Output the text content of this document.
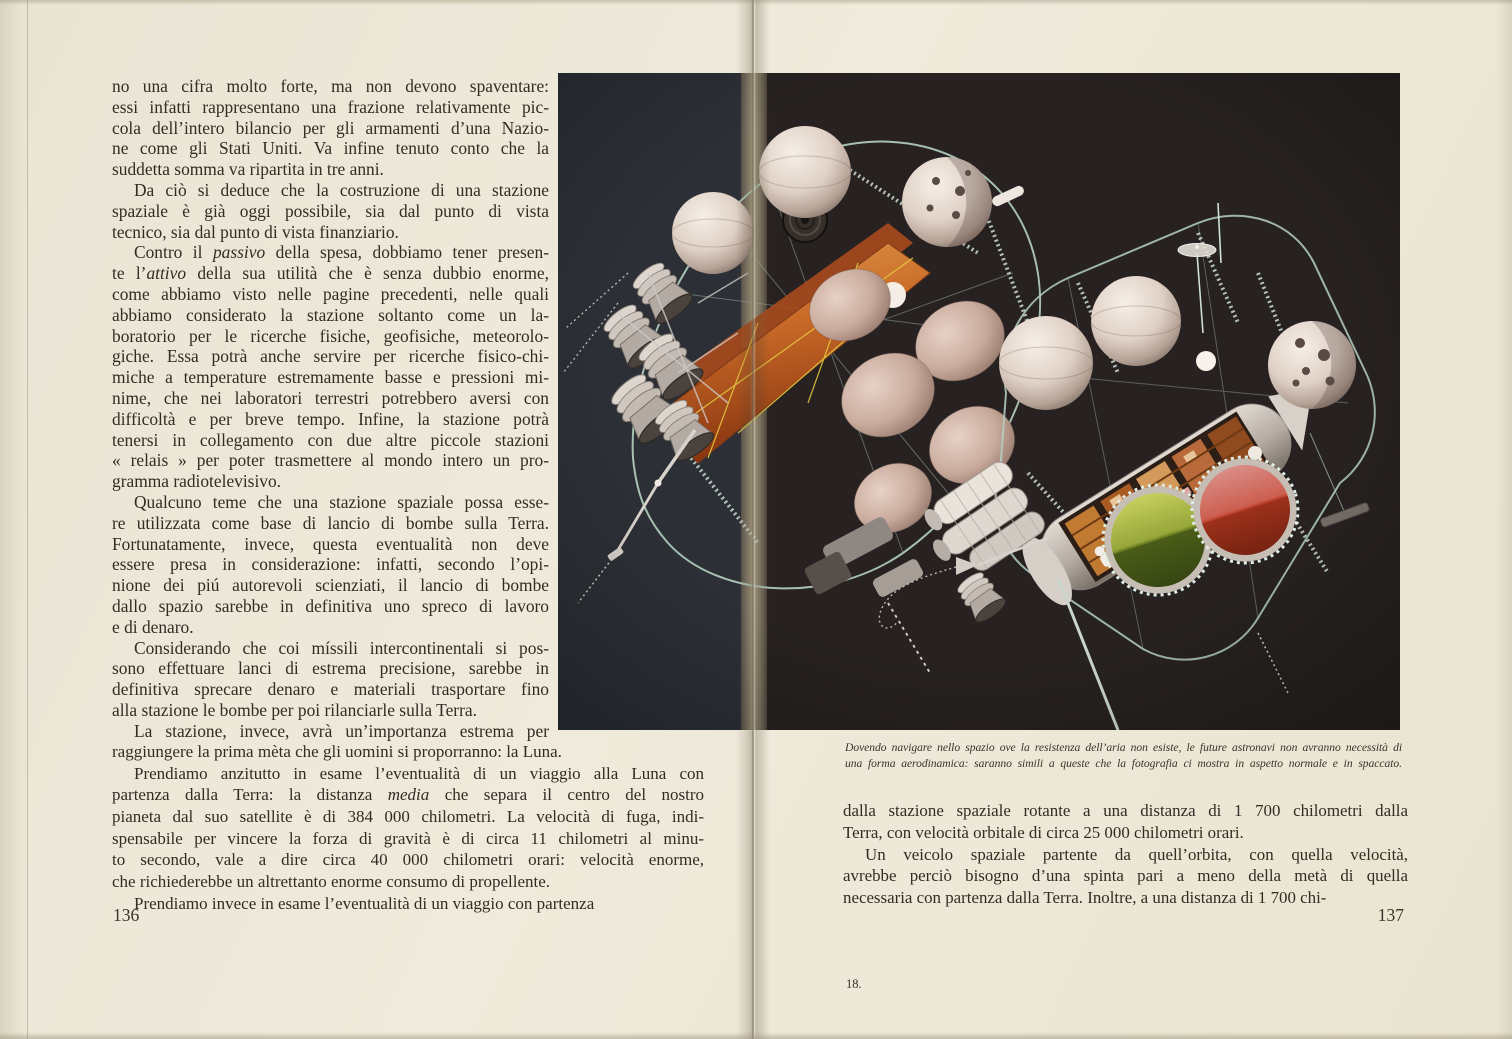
no una cifra molto forte, ma non devono spaventare:
essi infatti rappresentano una frazione relativamente pic-
cola dell’intero bilancio per gli armamenti d’una Nazio-
ne come gli Stati Uniti. Va infine tenuto conto che la
suddetta somma va ripartita in tre anni.
Da ciò si deduce che la costruzione di una stazione
spaziale è già oggi possibile, sia dal punto di vista
tecnico, sia dal punto di vista finanziario.
Contro il passivo della spesa, dobbiamo tener presen-
te l’attivo della sua utilità che è senza dubbio enorme,
come abbiamo visto nelle pagine precedenti, nelle quali
abbiamo considerato la stazione soltanto come un la-
boratorio per le ricerche fisiche, geofisiche, meteorolo-
giche. Essa potrà anche servire per ricerche fisico-chi-
miche a temperature estremamente basse e pressioni mi-
nime, che nei laboratori terrestri potrebbero aversi con
difficoltà e per breve tempo. Infine, la stazione potrà
tenersi in collegamento con due altre piccole stazioni
« relais » per poter trasmettere al mondo intero un pro-
gramma radiotelevisivo.
Qualcuno teme che una stazione spaziale possa esse-
re utilizzata come base di lancio di bombe sulla Terra.
Fortunatamente, invece, questa eventualità non deve
essere presa in considerazione: infatti, secondo l’opi-
nione dei piú autorevoli scienziati, il lancio di bombe
dallo spazio sarebbe in definitiva uno spreco di lavoro
e di denaro.
Considerando che coi míssili intercontinentali si pos-
sono effettuare lanci di estrema precisione, sarebbe in
definitiva sprecare denaro e materiali trasportare fino
alla stazione le bombe per poi rilanciarle sulla Terra.
La stazione, invece, avrà un’importanza estrema per
raggiungere la prima mèta che gli uomini si proporranno: la Luna.
Prendiamo anzitutto in esame l’eventualità di un viaggio alla Luna con
partenza dalla Terra: la distanza media che separa il centro del nostro
pianeta dal suo satellite è di 384 000 chilometri. La velocità di fuga, indi-
spensabile per vincere la forza di gravità è di circa 11 chilometri al minu-
to secondo, vale a dire circa 40 000 chilometri orari: velocità enorme,
che richiederebbe un altrettanto enorme consumo di propellente.
Prendiamo invece in esame l’eventualità di un viaggio con partenza
136
Dovendo navigare nello spazio ove la resistenza dell’aria non esiste, le future astronavi non avranno necessità di
una forma aerodinamica: saranno simili a queste che la fotografia ci mostra in aspetto normale e in spaccato.
dalla stazione spaziale rotante a una distanza di 1 700 chilometri dalla
Terra, con velocità orbitale di circa 25 000 chilometri orari.
Un veicolo spaziale partente da quell’orbita, con quella velocità,
avrebbe perciò bisogno d’una spinta pari a meno della metà di quella
necessaria con partenza dalla Terra. Inoltre, a una distanza di 1 700 chi-
137
18.
